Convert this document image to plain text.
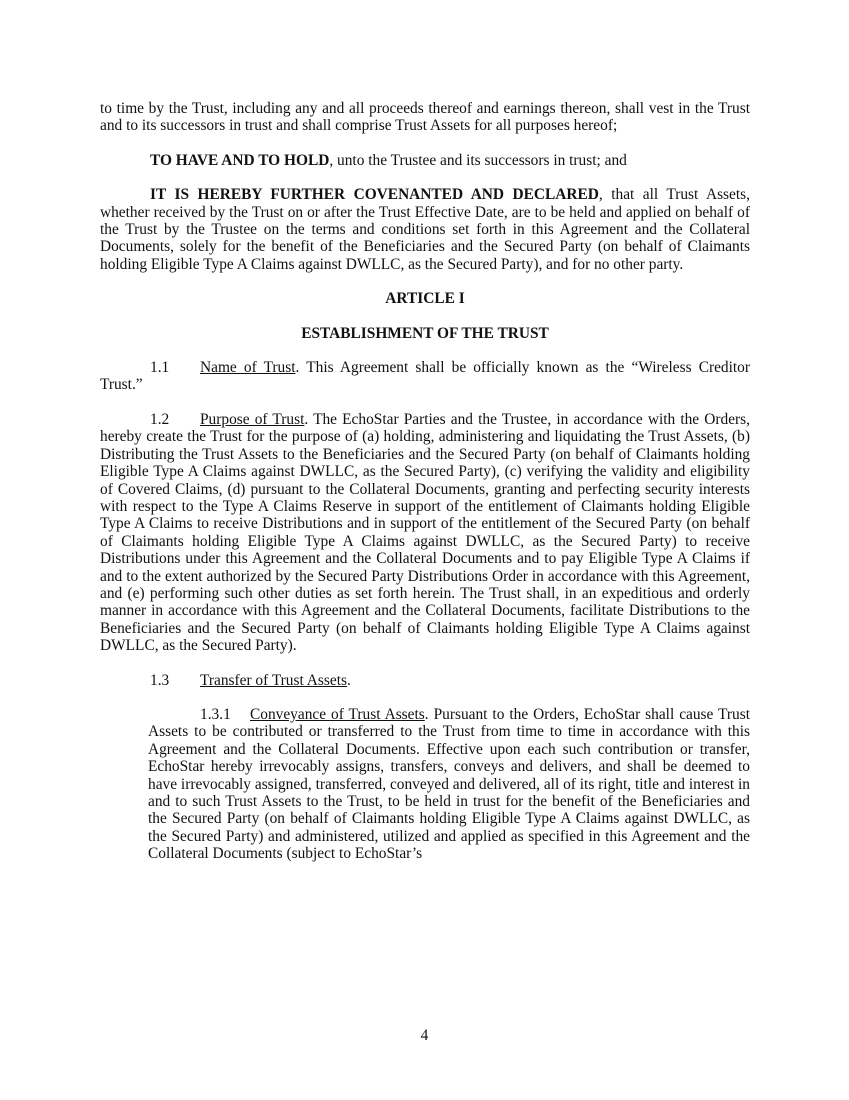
to time by the Trust, including any and all proceeds thereof and earnings thereon, shall vest in the Trust and to its successors in trust and shall comprise Trust Assets for all purposes hereof;

TO HAVE AND TO HOLD, unto the Trustee and its successors in trust; and

IT IS HEREBY FURTHER COVENANTED AND DECLARED, that all Trust Assets, whether received by the Trust on or after the Trust Effective Date, are to be held and applied on behalf of the Trust by the Trustee on the terms and conditions set forth in this Agreement and the Collateral Documents, solely for the benefit of the Beneficiaries and the Secured Party (on behalf of Claimants holding Eligible Type A Claims against DWLLC, as the Secured Party), and for no other party.

ARTICLE I

ESTABLISHMENT OF THE TRUST

1.1 Name of Trust. This Agreement shall be officially known as the “Wireless Creditor Trust.”

1.2 Purpose of Trust. The EchoStar Parties and the Trustee, in accordance with the Orders, hereby create the Trust for the purpose of (a) holding, administering and liquidating the Trust Assets, (b) Distributing the Trust Assets to the Beneficiaries and the Secured Party (on behalf of Claimants holding Eligible Type A Claims against DWLLC, as the Secured Party), (c) verifying the validity and eligibility of Covered Claims, (d) pursuant to the Collateral Documents, granting and perfecting security interests with respect to the Type A Claims Reserve in support of the entitlement of Claimants holding Eligible Type A Claims to receive Distributions and in support of the entitlement of the Secured Party (on behalf of Claimants holding Eligible Type A Claims against DWLLC, as the Secured Party) to receive Distributions under this Agreement and the Collateral Documents and to pay Eligible Type A Claims if and to the extent authorized by the Secured Party Distributions Order in accordance with this Agreement, and (e) performing such other duties as set forth herein. The Trust shall, in an expeditious and orderly manner in accordance with this Agreement and the Collateral Documents, facilitate Distributions to the Beneficiaries and the Secured Party (on behalf of Claimants holding Eligible Type A Claims against DWLLC, as the Secured Party).

1.3 Transfer of Trust Assets.

1.3.1 Conveyance of Trust Assets. Pursuant to the Orders, EchoStar shall cause Trust Assets to be contributed or transferred to the Trust from time to time in accordance with this Agreement and the Collateral Documents. Effective upon each such contribution or transfer, EchoStar hereby irrevocably assigns, transfers, conveys and delivers, and shall be deemed to have irrevocably assigned, transferred, conveyed and delivered, all of its right, title and interest in and to such Trust Assets to the Trust, to be held in trust for the benefit of the Beneficiaries and the Secured Party (on behalf of Claimants holding Eligible Type A Claims against DWLLC, as the Secured Party) and administered, utilized and applied as specified in this Agreement and the Collateral Documents (subject to EchoStar’s

4
